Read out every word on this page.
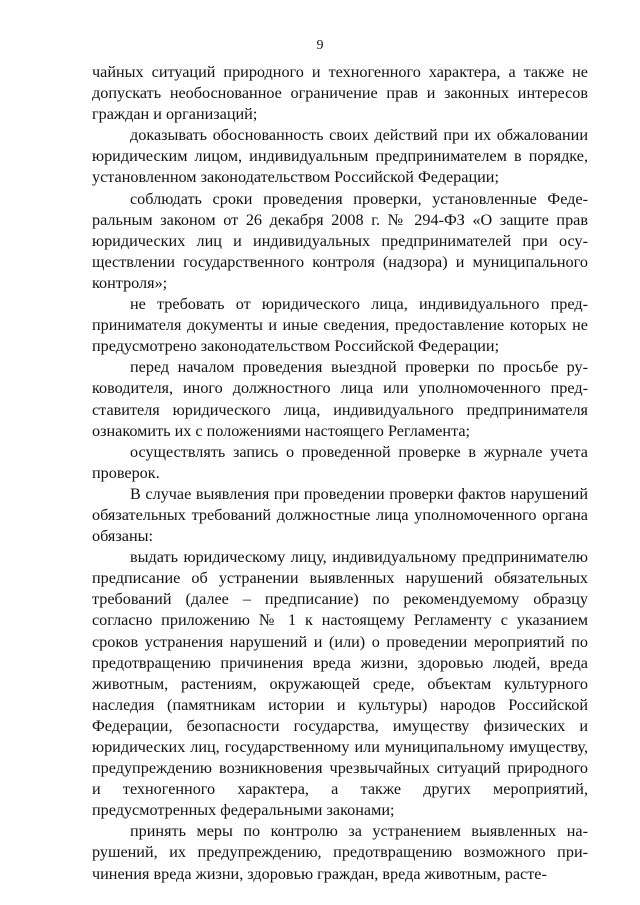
9

чайных ситуаций природного и техногенного характера, а также не допускать необоснованное ограничение прав и законных интересов граждан и организаций;

доказывать обоснованность своих действий при их обжаловании юридическим лицом, индивидуальным предпринимателем в порядке, установленном законодательством Российской Федерации;

соблюдать сроки проведения проверки, установленные Федеральным законом от 26 декабря 2008 г. № 294-ФЗ «О защите прав юридических лиц и индивидуальных предпринимателей при осуществлении государственного контроля (надзора) и муниципального контроля»;

не требовать от юридического лица, индивидуального предпринимателя документы и иные сведения, предоставление которых не предусмотрено законодательством Российской Федерации;

перед началом проведения выездной проверки по просьбе руководителя, иного должностного лица или уполномоченного представителя юридического лица, индивидуального предпринимателя ознакомить их с положениями настоящего Регламента;

осуществлять запись о проведенной проверке в журнале учета проверок.

В случае выявления при проведении проверки фактов нарушений обязательных требований должностные лица уполномоченного органа обязаны:

выдать юридическому лицу, индивидуальному предпринимателю предписание об устранении выявленных нарушений обязательных требований (далее – предписание) по рекомендуемому образцу согласно приложению № 1 к настоящему Регламенту с указанием сроков устранения нарушений и (или) о проведении мероприятий по предотвращению причинения вреда жизни, здоровью людей, вреда животным, растениям, окружающей среде, объектам культурного наследия (памятникам истории и культуры) народов Российской Федерации, безопасности государства, имуществу физических и юридических лиц, государственному или муниципальному имуществу, предупреждению возникновения чрезвычайных ситуаций природного и техногенного характера, а также других мероприятий, предусмотренных федеральными законами;

принять меры по контролю за устранением выявленных нарушений, их предупреждению, предотвращению возможного причинения вреда жизни, здоровью граждан, вреда животным, расте-
